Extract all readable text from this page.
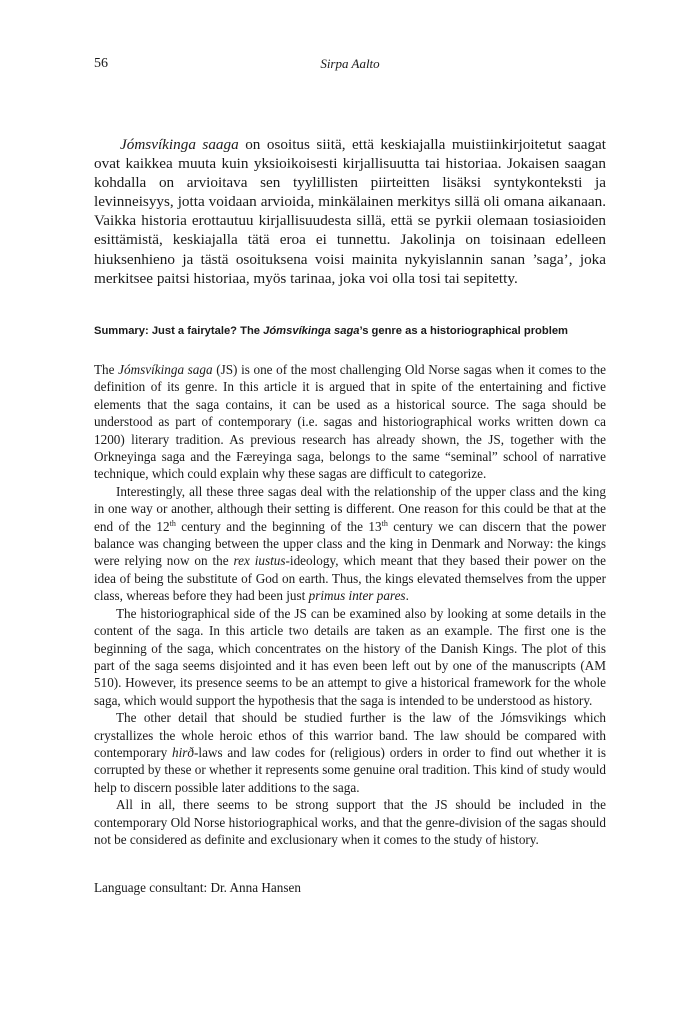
56	Sirpa Aalto

Jómsvíkinga saaga on osoitus siitä, että keskiajalla muistiinkirjoitetut saagat ovat kaikkea muuta kuin yksioikoisesti kirjallisuutta tai historiaa. Jokaisen saagan kohdalla on arvioitava sen tyylillisten piirteitten lisäksi syntykonteksti ja levinneisyys, jotta voidaan arvioida, minkälainen merkitys sillä oli omana aikanaan. Vaikka historia erottautuu kirjallisuudesta sillä, että se pyrkii olemaan tosiasioiden esittämistä, keskiajalla tätä eroa ei tunnettu. Jakolinja on toisinaan edelleen hiuksenhieno ja tästä osoituksena voisi mainita nykyislannin sanan ’saga’, joka merkitsee paitsi historiaa, myös tarinaa, joka voi olla tosi tai sepitetty.

Summary: Just a fairytale? The Jómsvíkinga saga’s genre as a historiographical problem

The Jómsvíkinga saga (JS) is one of the most challenging Old Norse sagas when it comes to the definition of its genre. In this article it is argued that in spite of the entertaining and fictive elements that the saga contains, it can be used as a historical source. The saga should be understood as part of contemporary (i.e. sagas and historiographical works written down ca 1200) literary tradition. As previous research has already shown, the JS, together with the Orkneyinga saga and the Færeyinga saga, belongs to the same “seminal” school of narrative technique, which could explain why these sagas are difficult to categorize.

Interestingly, all these three sagas deal with the relationship of the upper class and the king in one way or another, although their setting is different. One reason for this could be that at the end of the 12th century and the beginning of the 13th century we can discern that the power balance was changing between the upper class and the king in Denmark and Norway: the kings were relying now on the rex iustus-ideology, which meant that they based their power on the idea of being the substitute of God on earth. Thus, the kings elevated themselves from the upper class, whereas before they had been just primus inter pares.

The historiographical side of the JS can be examined also by looking at some details in the content of the saga. In this article two details are taken as an example. The first one is the beginning of the saga, which concentrates on the history of the Danish Kings. The plot of this part of the saga seems disjointed and it has even been left out by one of the manuscripts (AM 510). However, its presence seems to be an attempt to give a historical framework for the whole saga, which would support the hypothesis that the saga is intended to be understood as history.

The other detail that should be studied further is the law of the Jómsvikings which crystallizes the whole heroic ethos of this warrior band. The law should be compared with contemporary hirð-laws and law codes for (religious) orders in order to find out whether it is corrupted by these or whether it represents some genuine oral tradition. This kind of study would help to discern possible later additions to the saga.

All in all, there seems to be strong support that the JS should be included in the contemporary Old Norse historiographical works, and that the genre-division of the sagas should not be considered as definite and exclusionary when it comes to the study of history.

Language consultant: Dr. Anna Hansen
